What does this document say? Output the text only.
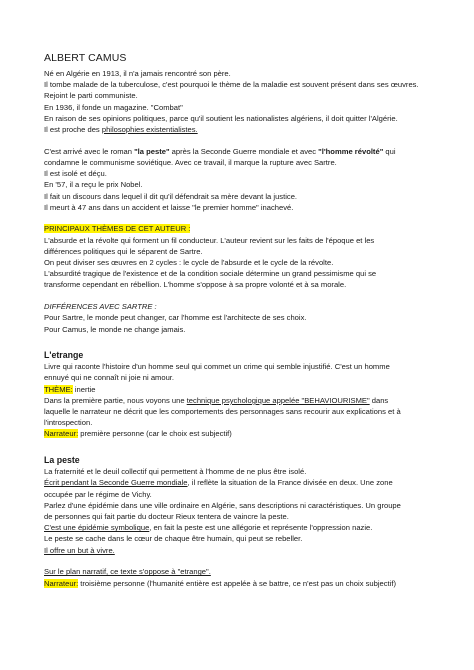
ALBERT CAMUS
Né en Algérie en 1913, il n'a jamais rencontré son père.
Il tombe malade de la tuberculose, c'est pourquoi le thème de la maladie est souvent présent dans ses œuvres.
Rejoint le parti communiste.
En 1936, il fonde un magazine. "Combat"
En raison de ses opinions politiques, parce qu'il soutient les nationalistes algériens, il doit quitter l'Algérie.
Il est proche des philosophies existentialistes.
C'est arrivé avec le roman "la peste" après la Seconde Guerre mondiale et avec "l'homme révolté" qui
condamne le communisme soviétique. Avec ce travail, il marque la rupture avec Sartre.
Il est isolé et déçu.
En '57, il a reçu le prix Nobel.
Il fait un discours dans lequel il dit qu'il défendrait sa mère devant la justice.
Il meurt à 47 ans dans un accident et laisse "le premier homme" inachevé.
PRINCIPAUX THÈMES DE CET AUTEUR :
L'absurde et la révolte qui forment un fil conducteur. L'auteur revient sur les faits de l'époque et les
différences politiques qui le séparent de Sartre.
On peut diviser ses œuvres en 2 cycles : le cycle de l'absurde et le cycle de la révolte.
L'absurdité tragique de l'existence et de la condition sociale détermine un grand pessimisme qui se
transforme cependant en rébellion. L'homme s'oppose à sa propre volonté et à sa morale.
DIFFÉRENCES AVEC SARTRE :
Pour Sartre, le monde peut changer, car l'homme est l'architecte de ses choix.
Pour Camus, le monde ne change jamais.
L'etrange
Livre qui raconte l'histoire d'un homme seul qui commet un crime qui semble injustifié. C'est un homme
ennuyé qui ne connaît ni joie ni amour.
THÈME: inertie
Dans la première partie, nous voyons une technique psychologique appelée "BEHAVIOURISME" dans
laquelle le narrateur ne décrit que les comportements des personnages sans recourir aux explications et à
l'introspection.
Narrateur: première personne (car le choix est subjectif)
La peste
La fraternité et le deuil collectif qui permettent à l'homme de ne plus être isolé.
Écrit pendant la Seconde Guerre mondiale, il reflète la situation de la France divisée en deux. Une zone
occupée par le régime de Vichy.
Parlez d'une épidémie dans une ville ordinaire en Algérie, sans descriptions ni caractéristiques. Un groupe
de personnes qui fait partie du docteur Rieux tentera de vaincre la peste.
C'est une épidémie symbolique, en fait la peste est une allégorie et représente l'oppression nazie.
Le peste se cache dans le cœur de chaque être humain, qui peut se rebeller.
Il offre un but à vivre.
Sur le plan narratif, ce texte s'oppose à "etrange".
Narrateur: troisième personne (l'humanité entière est appelée à se battre, ce n'est pas un choix subjectif)
